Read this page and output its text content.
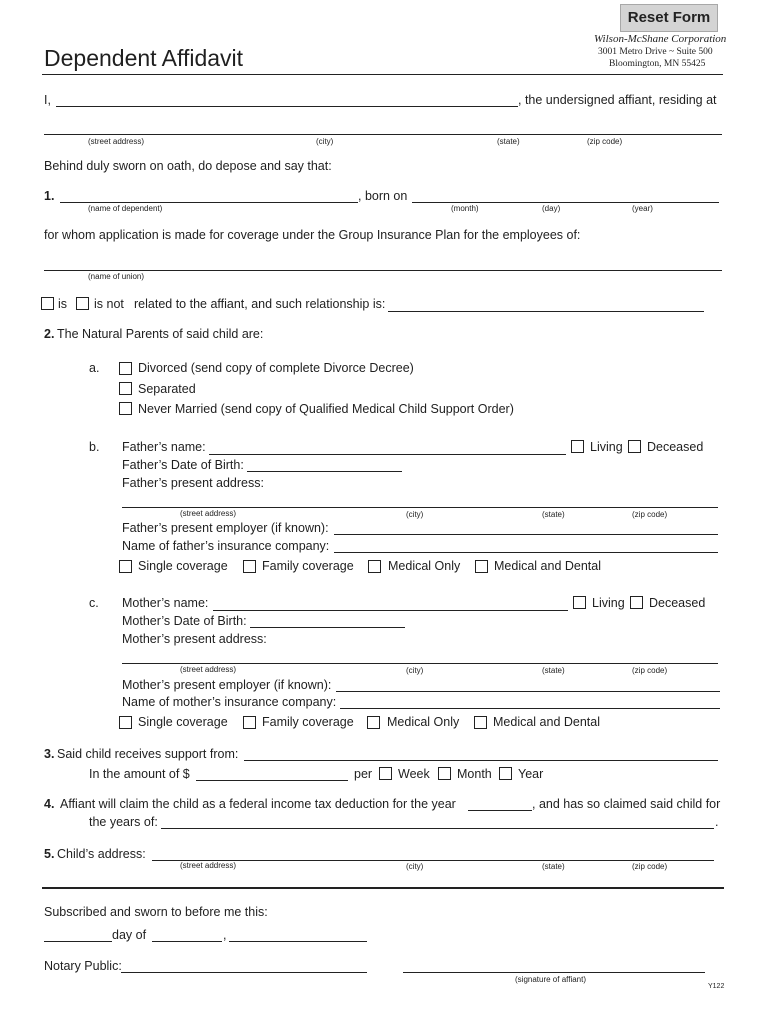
Reset Form
Dependent Affidavit
Wilson-McShane Corporation
3001 Metro Drive ~ Suite 500
Bloomington, MN 55425
I,	, the undersigned affiant, residing at
(street address)	(city)	(state)	(zip code)
Behind duly sworn on oath, do depose and say that:
1.	, born on
(name of dependent)	(month)	(day)	(year)
for whom application is made for coverage under the Group Insurance Plan for the employees of:
(name of union)
is is not related to the affiant, and such relationship is:
2. The Natural Parents of said child are:
a.	Divorced (send copy of complete Divorce Decree)
Separated
Never Married (send copy of Qualified Medical Child Support Order)
b. Father’s name:	Living Deceased
Father’s Date of Birth:
Father’s present address:
(street address)	(city)	(state)	(zip code)
Father’s present employer (if known):
Name of father’s insurance company:
Single coverage	Family coverage	Medical Only	Medical and Dental
c. Mother’s name:	Living Deceased
Mother’s Date of Birth:
Mother’s present address:
(street address)	(city)	(state)	(zip code)
Mother’s present employer (if known):
Name of mother’s insurance company:
Single coverage	Family coverage	Medical Only	Medical and Dental
3. Said child receives support from:
In the amount of $	per Week Month Year
4. Affiant will claim the child as a federal income tax deduction for the year	, and has so claimed said child for
the years of:	.
5. Child’s address:
(street address)	(city)	(state)	(zip code)
Subscribed and sworn to before me this:
day of	,
Notary Public:
(signature of affiant)
Y122
